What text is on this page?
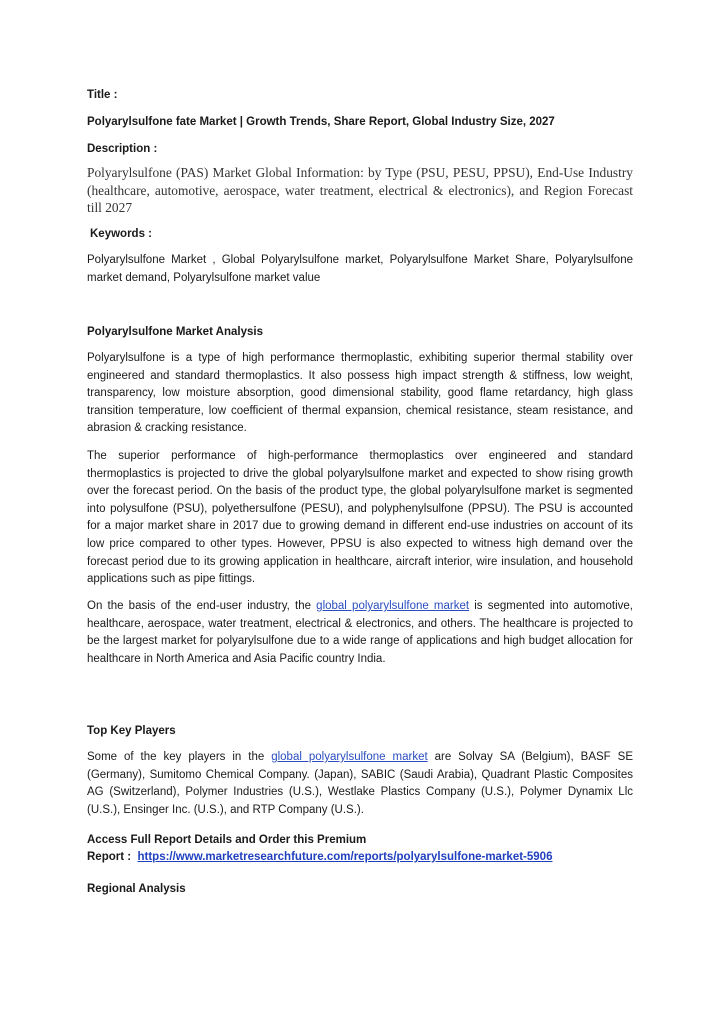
Title :

Polyarylsulfone fate Market | Growth Trends, Share Report, Global Industry Size, 2027

Description :

Polyarylsulfone (PAS) Market Global Information: by Type (PSU, PESU, PPSU), End-Use Industry (healthcare, automotive, aerospace, water treatment, electrical & electronics), and Region Forecast till 2027

Keywords :

Polyarylsulfone Market , Global Polyarylsulfone market, Polyarylsulfone Market Share, Polyarylsulfone market demand, Polyarylsulfone market value

Polyarylsulfone Market Analysis

Polyarylsulfone is a type of high performance thermoplastic, exhibiting superior thermal stability over engineered and standard thermoplastics. It also possess high impact strength & stiffness, low weight, transparency, low moisture absorption, good dimensional stability, good flame retardancy, high glass transition temperature, low coefficient of thermal expansion, chemical resistance, steam resistance, and abrasion & cracking resistance.

The superior performance of high-performance thermoplastics over engineered and standard thermoplastics is projected to drive the global polyarylsulfone market and expected to show rising growth over the forecast period. On the basis of the product type, the global polyarylsulfone market is segmented into polysulfone (PSU), polyethersulfone (PESU), and polyphenylsulfone (PPSU). The PSU is accounted for a major market share in 2017 due to growing demand in different end-use industries on account of its low price compared to other types. However, PPSU is also expected to witness high demand over the forecast period due to its growing application in healthcare, aircraft interior, wire insulation, and household applications such as pipe fittings.

On the basis of the end-user industry, the global polyarylsulfone market is segmented into automotive, healthcare, aerospace, water treatment, electrical & electronics, and others. The healthcare is projected to be the largest market for polyarylsulfone due to a wide range of applications and high budget allocation for healthcare in North America and Asia Pacific country India.

Top Key Players

Some of the key players in the global polyarylsulfone market are Solvay SA (Belgium), BASF SE (Germany), Sumitomo Chemical Company. (Japan), SABIC (Saudi Arabia), Quadrant Plastic Composites AG (Switzerland), Polymer Industries (U.S.), Westlake Plastics Company (U.S.), Polymer Dynamix Llc (U.S.), Ensinger Inc. (U.S.), and RTP Company (U.S.).

Access Full Report Details and Order this Premium

Report : https://www.marketresearchfuture.com/reports/polyarylsulfone-market-5906

Regional Analysis
